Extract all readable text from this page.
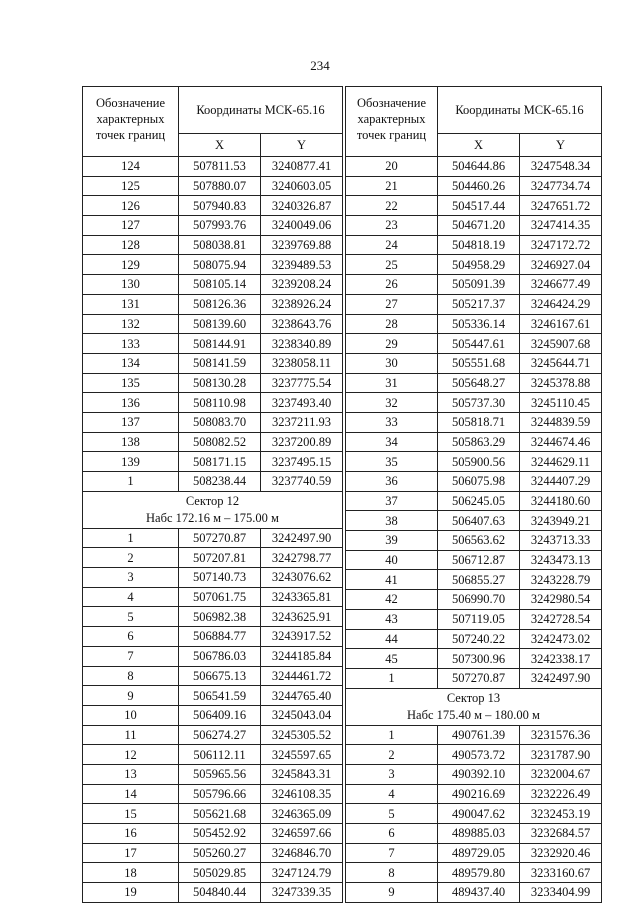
234
Обозначение характерных точек границ	Координаты МСК-65.16	
	X	Y
124	507811.53	3240877.41
125	507880.07	3240603.05
126	507940.83	3240326.87
127	507993.76	3240049.06
128	508038.81	3239769.88
129	508075.94	3239489.53
130	508105.14	3239208.24
131	508126.36	3238926.24
132	508139.60	3238643.76
133	508144.91	3238340.89
134	508141.59	3238058.11
135	508130.28	3237775.54
136	508110.98	3237493.40
137	508083.70	3237211.93
138	508082.52	3237200.89
139	508171.15	3237495.15
1	508238.44	3237740.59

Сектор 12
Набс 172.16 м – 175.00 м		

1	507270.87	3242497.90
2	507207.81	3242798.77
3	507140.73	3243076.62
4	507061.75	3243365.81
5	506982.38	3243625.91
6	506884.77	3243917.52
7	506786.03	3244185.84
8	506675.13	3244461.72
9	506541.59	3244765.40
10	506409.16	3245043.04
11	506274.27	3245305.52
12	506112.11	3245597.65
13	505965.56	3245843.31
14	505796.66	3246108.35
15	505621.68	3246365.09
16	505452.92	3246597.66
17	505260.27	3246846.70
18	505029.85	3247124.79
19	504840.44	3247339.35
Обозначение характерных точек границ	Координаты МСК-65.16	
	X	Y
20	504644.86	3247548.34
21	504460.26	3247734.74
22	504517.44	3247651.72
23	504671.20	3247414.35
24	504818.19	3247172.72
25	504958.29	3246927.04
26	505091.39	3246677.49
27	505217.37	3246424.29
28	505336.14	3246167.61
29	505447.61	3245907.68
30	505551.68	3245644.71
31	505648.27	3245378.88
32	505737.30	3245110.45
33	505818.71	3244839.59
34	505863.29	3244674.46
35	505900.56	3244629.11
36	506075.98	3244407.29
37	506245.05	3244180.60
38	506407.63	3243949.21
39	506563.62	3243713.33
40	506712.87	3243473.13
41	506855.27	3243228.79
42	506990.70	3242980.54
43	507119.05	3242728.54
44	507240.22	3242473.02
45	507300.96	3242338.17
1	507270.87	3242497.90

Сектор 13
Набс 175.40 м – 180.00 м		

1	490761.39	3231576.36
2	490573.72	3231787.90
3	490392.10	3232004.67
4	490216.69	3232226.49
5	490047.62	3232453.19
6	489885.03	3232684.57
7	489729.05	3232920.46
8	489579.80	3233160.67
9	489437.40	3233404.99
